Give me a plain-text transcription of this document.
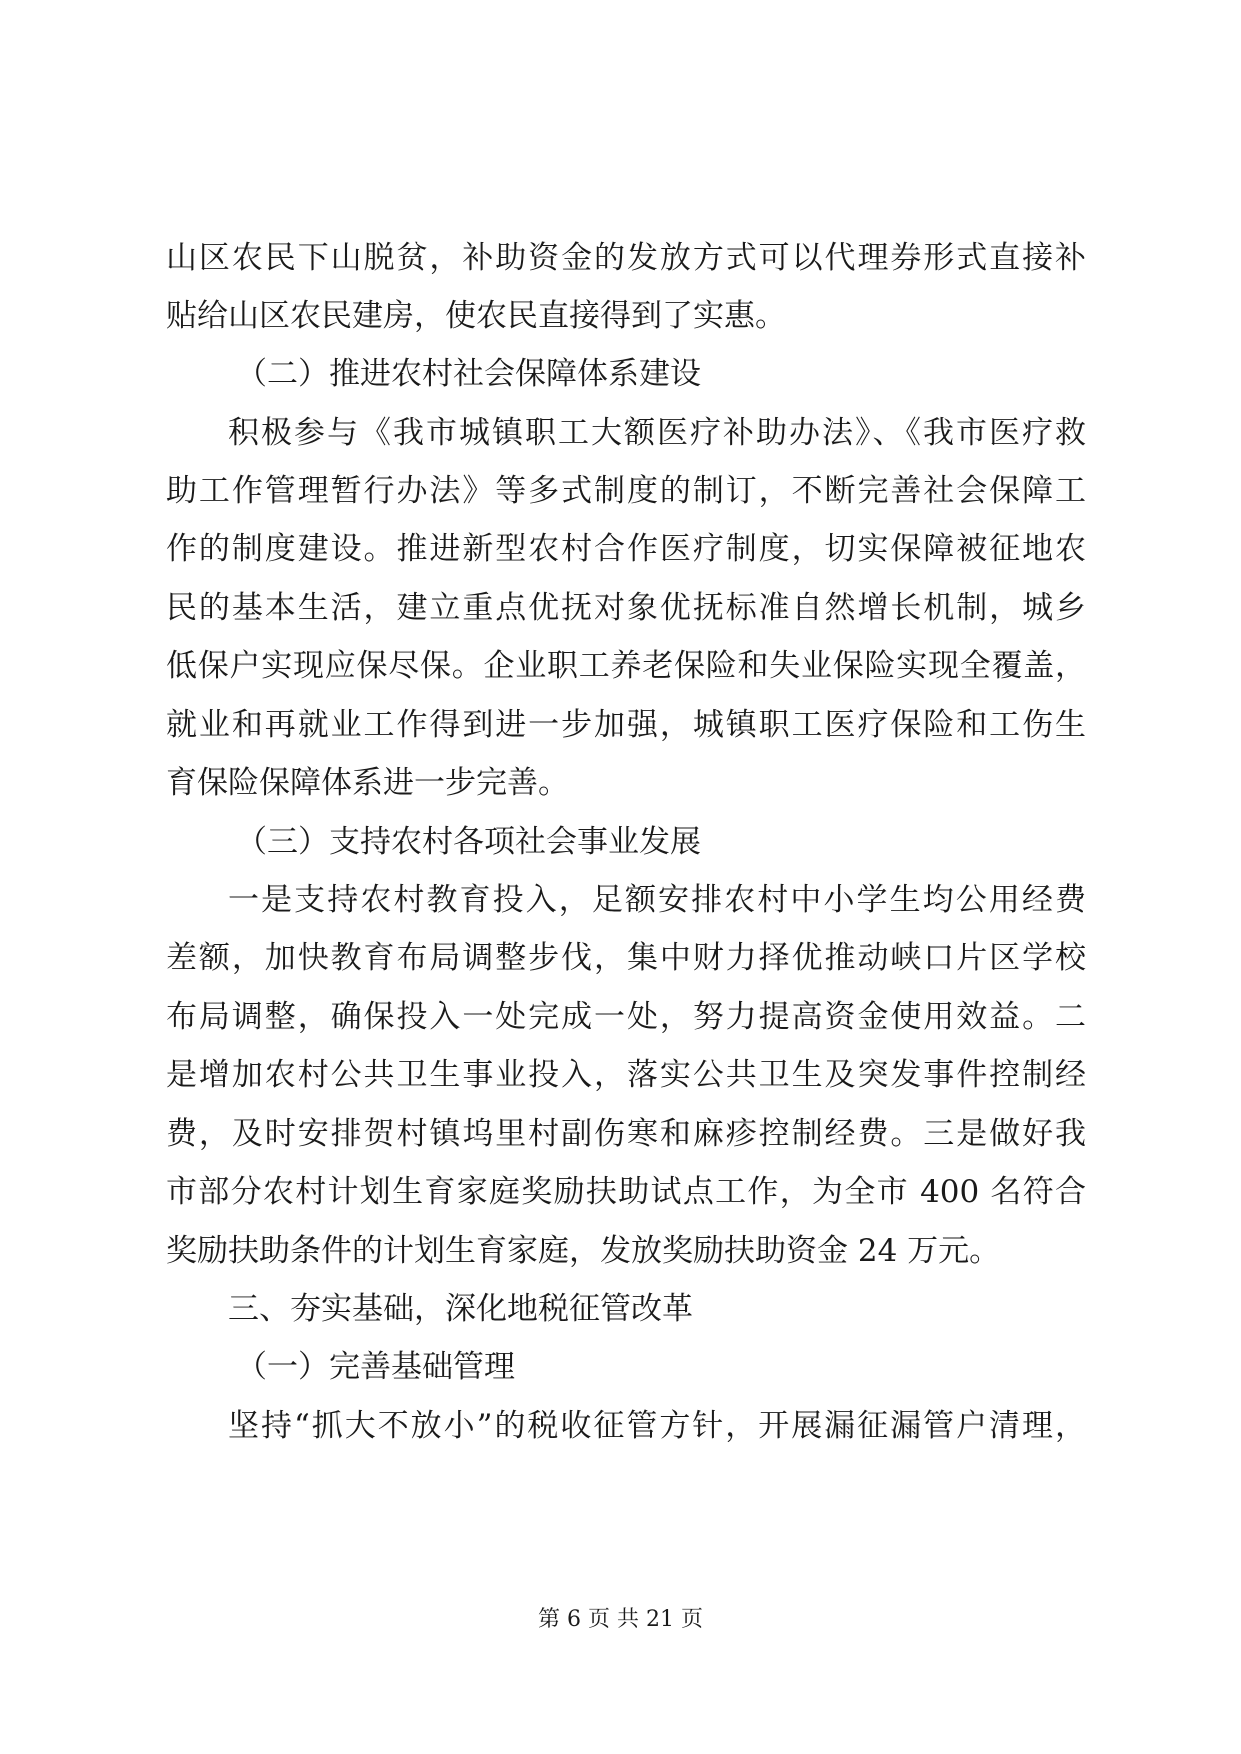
山区农民下山脱贫，补助资金的发放方式可以代理券形式直接补
贴给山区农民建房，使农民直接得到了实惠。
（二）推进农村社会保障体系建设
积极参与《我市城镇职工大额医疗补助办法》、《我市医疗救
助工作管理暂行办法》等多式制度的制订，不断完善社会保障工
作的制度建设。推进新型农村合作医疗制度，切实保障被征地农
民的基本生活，建立重点优抚对象优抚标准自然增长机制，城乡
低保户实现应保尽保。企业职工养老保险和失业保险实现全覆盖，
就业和再就业工作得到进一步加强，城镇职工医疗保险和工伤生
育保险保障体系进一步完善。
（三）支持农村各项社会事业发展
一是支持农村教育投入，足额安排农村中小学生均公用经费
差额，加快教育布局调整步伐，集中财力择优推动峡口片区学校
布局调整，确保投入一处完成一处，努力提高资金使用效益。二
是增加农村公共卫生事业投入，落实公共卫生及突发事件控制经
费，及时安排贺村镇坞里村副伤寒和麻疹控制经费。三是做好我
市部分农村计划生育家庭奖励扶助试点工作，为全市 400 名符合
奖励扶助条件的计划生育家庭，发放奖励扶助资金 24 万元。
三、夯实基础，深化地税征管改革
（一）完善基础管理
坚持“抓大不放小”的税收征管方针，开展漏征漏管户清理，
第 6 页 共 21 页
